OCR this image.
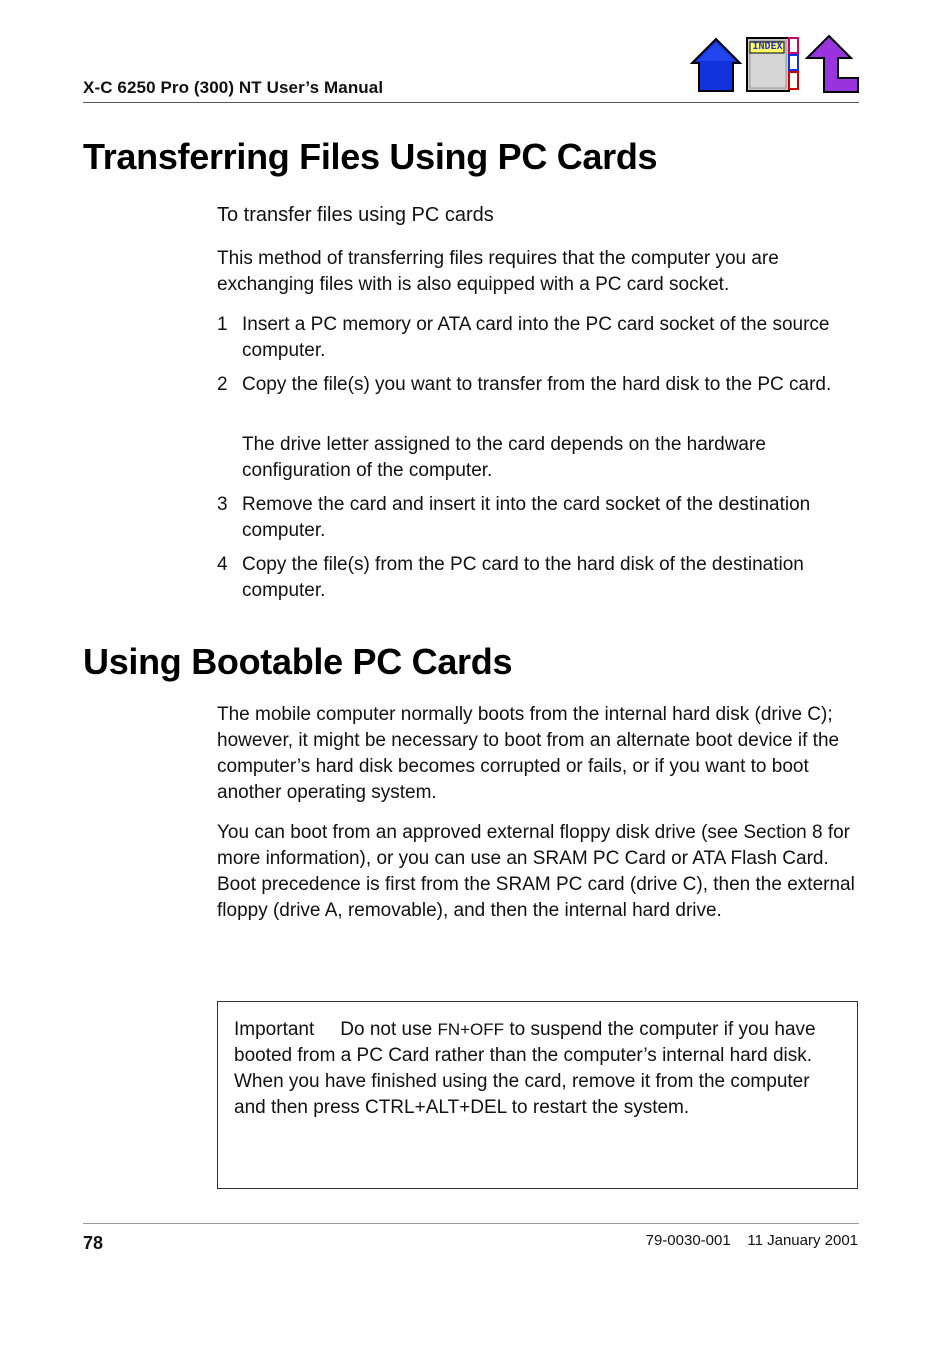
X-C 6250 Pro (300) NT User’s Manual
INDEX
Transferring Files Using PC Cards
To transfer files using PC cards
This method of transferring files requires that the computer you are exchanging files with is also equipped with a PC card socket.
1 Insert a PC memory or ATA card into the PC card socket of the source computer.
2 Copy the file(s) you want to transfer from the hard disk to the PC card.
The drive letter assigned to the card depends on the hardware configuration of the computer.
3 Remove the card and insert it into the card socket of the destination computer.
4 Copy the file(s) from the PC card to the hard disk of the destination computer.
Using Bootable PC Cards
The mobile computer normally boots from the internal hard disk (drive C); however, it might be necessary to boot from an alternate boot device if the computer’s hard disk becomes corrupted or fails, or if you want to boot another operating system.
You can boot from an approved external floppy disk drive (see Section 8 for more information), or you can use an SRAM PC Card or ATA Flash Card. Boot precedence is first from the SRAM PC card (drive C), then the external floppy (drive A, removable), and then the internal hard drive.
Important Do not use FN+OFF to suspend the computer if you have booted from a PC Card rather than the computer’s internal hard disk. When you have finished using the card, remove it from the computer and then press CTRL+ALT+DEL to restart the system.
78	79-0030-001 11 January 2001
